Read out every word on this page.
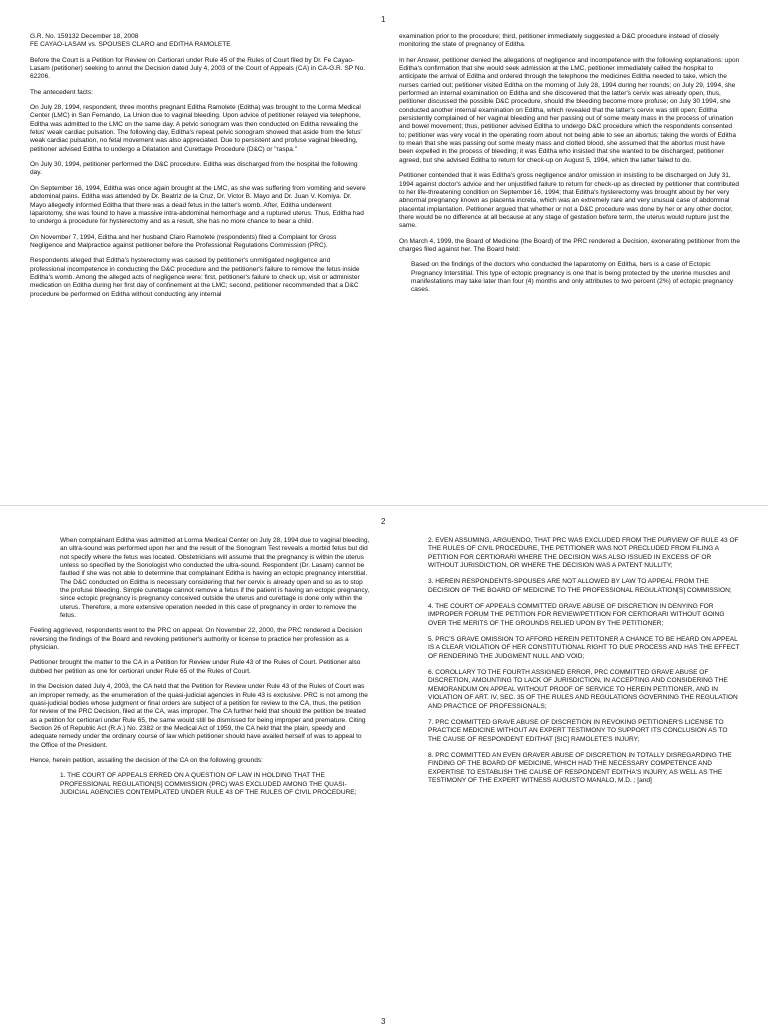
1
G.R. No. 159132 December 18, 2008
FE CAYAO-LASAM vs. SPOUSES CLARO and EDITHA RAMOLETE

Before the Court is a Petition for Review on Certiorari under Rule 45 of the Rules of Court filed by Dr. Fe Cayao-Lasam (petitioner) seeking to annul the Decision dated July 4, 2003 of the Court of Appeals (CA) in CA-G.R. SP No. 62206.

The antecedent facts:

On July 28, 1994, respondent, three months pregnant Editha Ramolete (Editha) was brought to the Lorma Medical Center (LMC) in San Fernando, La Union due to vaginal bleeding. Upon advice of petitioner relayed via telephone, Editha was admitted to the LMC on the same day. A pelvic sonogram was then conducted on Editha revealing the fetus' weak cardiac pulsation. The following day, Editha's repeat pelvic sonogram showed that aside from the fetus' weak cardiac pulsation, no fetal movement was also appreciated. Due to persistent and profuse vaginal bleeding, petitioner advised Editha to undergo a Dilatation and Curettage Procedure (D&C) or "raspa."

On July 30, 1994, petitioner performed the D&C procedure. Editha was discharged from the hospital the following day.

On September 16, 1994, Editha was once again brought at the LMC, as she was suffering from vomiting and severe abdominal pains. Editha was attended by Dr. Beatriz de la Cruz, Dr. Victor B. Mayo and Dr. Juan V. Komiya. Dr. Mayo allegedly informed Editha that there was a dead fetus in the latter's womb. After, Editha underwent laparotomy, she was found to have a massive intra-abdominal hemorrhage and a ruptured uterus. Thus, Editha had to undergo a procedure for hysterectomy and as a result, she has no more chance to bear a child.

On November 7, 1994, Editha and her husband Claro Ramolete (respondents) filed a Complaint for Gross Negligence and Malpractice against petitioner before the Professional Regulations Commission (PRC).

Respondents alleged that Editha's hysterectomy was caused by petitioner's unmitigated negligence and professional incompetence in conducting the D&C procedure and the petitioner's failure to remove the fetus inside Editha's womb. Among the alleged acts of negligence were: first, petitioner's failure to check up, visit or administer medication on Editha during her first day of confinement at the LMC; second, petitioner recommended that a D&C procedure be performed on Editha without conducting any internal

examination prior to the procedure; third, petitioner immediately suggested a D&C procedure instead of closely monitoring the state of pregnancy of Editha.

In her Answer, petitioner denied the allegations of negligence and incompetence with the following explanations: upon Editha's confirmation that she would seek admission at the LMC, petitioner immediately called the hospital to anticipate the arrival of Editha and ordered through the telephone the medicines Editha needed to take, which the nurses carried out; petitioner visited Editha on the morning of July 28, 1994 during her rounds; on July 29, 1994, she performed an internal examination on Editha and she discovered that the latter's cervix was already open, thus, petitioner discussed the possible D&C procedure, should the bleeding become more profuse; on July 30 1994, she conducted another internal examination on Editha, which revealed that the latter's cervix was still open; Editha persistently complained of her vaginal bleeding and her passing out of some meaty mass in the process of urination and bowel movement; thus, petitioner advised Editha to undergo D&C procedure which the respondents consented to; petitioner was very vocal in the operating room about not being able to see an abortus; taking the words of Editha to mean that she was passing out some meaty mass and clotted blood, she assumed that the abortus must have been expelled in the process of bleeding; it was Editha who insisted that she wanted to be discharged; petitioner agreed, but she advised Editha to return for check-up on August 5, 1994, which the latter failed to do.

Petitioner contended that it was Editha's gross negligence and/or omission in insisting to be discharged on July 31, 1994 against doctor's advice and her unjustified failure to return for check-up as directed by petitioner that contributed to her life-threatening condition on September 16, 1994; that Editha's hysterectomy was brought about by her very abnormal pregnancy known as placenta increta, which was an extremely rare and very unusual case of abdominal placental implantation. Petitioner argued that whether or not a D&C procedure was done by her or any other doctor, there would be no difference at all because at any stage of gestation before term, the uterus would rupture just the same.

On March 4, 1999, the Board of Medicine (the Board) of the PRC rendered a Decision, exonerating petitioner from the charges filed against her. The Board held:

Based on the findings of the doctors who conducted the laparotomy on Editha, hers is a case of Ectopic Pregnancy Interstitial. This type of ectopic pregnancy is one that is being protected by the uterine muscles and manifestations may take later than four (4) months and only attributes to two percent (2%) of ectopic pregnancy cases.

2

When complainant Editha was admitted at Lorma Medical Center on July 28, 1994 due to vaginal bleeding, an ultra-sound was performed upon her and the result of the Sonogram Test reveals a morbid fetus but did not specify where the fetus was located. Obstetricians will assume that the pregnancy is within the uterus unless so specified by the Sonologist who conducted the ultra-sound. Respondent (Dr. Lasam) cannot be faulted if she was not able to determine that complainant Editha is having an ectopic pregnancy interstitial. The D&C conducted on Editha is necessary considering that her cervix is already open and so as to stop the profuse bleeding. Simple curettage cannot remove a fetus if the patient is having an ectopic pregnancy, since ectopic pregnancy is pregnancy conceived outside the uterus and curettage is done only within the uterus. Therefore, a more extensive operation needed in this case of pregnancy in order to remove the fetus.

Feeling aggrieved, respondents went to the PRC on appeal. On November 22, 2000, the PRC rendered a Decision reversing the findings of the Board and revoking petitioner's authority or license to practice her profession as a physician.

Petitioner brought the matter to the CA in a Petition for Review under Rule 43 of the Rules of Court. Petitioner also dubbed her petition as one for certiorari under Rule 65 of the Rules of Court.

In the Decision dated July 4, 2003, the CA held that the Petition for Review under Rule 43 of the Rules of Court was an improper remedy, as the enumeration of the quasi-judicial agencies in Rule 43 is exclusive. PRC is not among the quasi-judicial bodies whose judgment or final orders are subject of a petition for review to the CA, thus, the petition for review of the PRC Decision, filed at the CA, was improper. The CA further held that should the petition be treated as a petition for certiorari under Rule 65, the same would still be dismissed for being improper and premature. Citing Section 26 of Republic Act (R.A.) No. 2382 or the Medical Act of 1959, the CA held that the plain, speedy and adequate remedy under the ordinary course of law which petitioner should have availed herself of was to appeal to the Office of the President.

Hence, herein petition, assailing the decision of the CA on the following grounds:

1. THE COURT OF APPEALS ERRED ON A QUESTION OF LAW IN HOLDING THAT THE PROFESSIONAL REGULATION[S] COMMISSION (PRC) WAS EXCLUDED AMONG THE QUASI-JUDICIAL AGENCIES CONTEMPLATED UNDER RULE 43 OF THE RULES OF CIVIL PROCEDURE;

2. EVEN ASSUMING, ARGUENDO, THAT PRC WAS EXCLUDED FROM THE PURVIEW OF RULE 43 OF THE RULES OF CIVIL PROCEDURE, THE PETITIONER WAS NOT PRECLUDED FROM FILING A PETITION FOR CERTIORARI WHERE THE DECISION WAS ALSO ISSUED IN EXCESS OF OR WITHOUT JURISDICTION, OR WHERE THE DECISION WAS A PATENT NULLITY;

3. HEREIN RESPONDENTS-SPOUSES ARE NOT ALLOWED BY LAW TO APPEAL FROM THE DECISION OF THE BOARD OF MEDICINE TO THE PROFESSIONAL REGULATION[S] COMMISSION;

4. THE COURT OF APPEALS COMMITTED GRAVE ABUSE OF DISCRETION IN DENYING FOR IMPROPER FORUM THE PETITION FOR REVIEW/PETITION FOR CERTIORARI WITHOUT GOING OVER THE MERITS OF THE GROUNDS RELIED UPON BY THE PETITIONER;

5. PRC'S GRAVE OMISSION TO AFFORD HEREIN PETITONER A CHANCE TO BE HEARD ON APPEAL IS A CLEAR VIOLATION OF HER CONSTITUTIONAL RIGHT TO DUE PROCESS AND HAS THE EFFECT OF RENDERING THE JUDGMENT NULL AND VOID;

6. COROLLARY TO THE FOURTH ASSIGNED ERROR, PRC COMMITTED GRAVE ABUSE OF DISCRETION, AMOUNTING TO LACK OF JURISDICTION, IN ACCEPTING AND CONSIDERING THE MEMORANDUM ON APPEAL WITHOUT PROOF OF SERVICE TO HEREIN PETITIONER, AND IN VIOLATION OF ART. IV, SEC. 35 OF THE RULES AND REGULATIONS GOVERNING THE REGULATION AND PRACTICE OF PROFESSIONALS;

7. PRC COMMITTED GRAVE ABUSE OF DISCRETION IN REVOKING PETITIONER'S LICENSE TO PRACTICE MEDICINE WITHOUT AN EXPERT TESTIMONY TO SUPPORT ITS CONCLUSION AS TO THE CAUSE OF RESPONDENT EDITHAT [SIC] RAMOLETE'S INJURY;

8. PRC COMMITTED AN EVEN GRAVER ABUSE OF DISCRETION IN TOTALLY DISREGARDING THE FINDING OF THE BOARD OF MEDICINE, WHICH HAD THE NECESSARY COMPETENCE AND EXPERTISE TO ESTABLISH THE CAUSE OF RESPONDENT EDITHA'S INJURY, AS WELL AS THE TESTIMONY OF THE EXPERT WITNESS AUGUSTO MANALO, M.D. ; [and]

3
